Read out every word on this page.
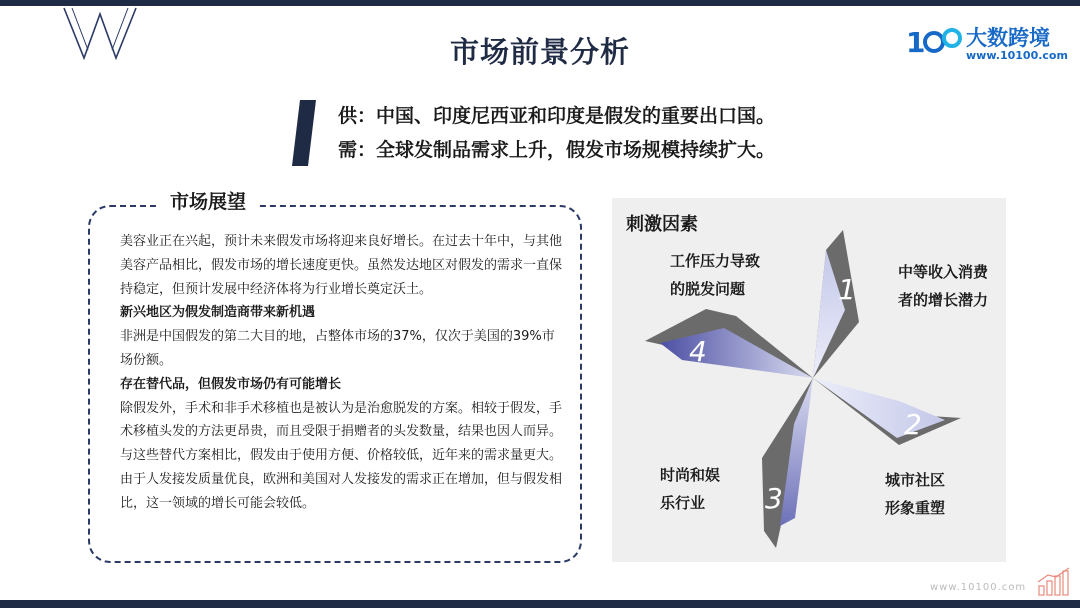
市场前景分析	1 大数跨境
www.10100.com
供：中国、印度尼西亚和印度是假发的重要出口国。
需：全球发制品需求上升，假发市场规模持续扩大。
市场展望

美容业正在兴起，预计未来假发市场将迎来良好增长。在过去十年中，与其他美容产品相比，假发市场的增长速度更快。虽然发达地区对假发的需求一直保持稳定，但预计发展中经济体将为行业增长奠定沃土。

新兴地区为假发制造商带来新机遇

非洲是中国假发的第二大目的地，占整体市场的37%，仅次于美国的39%市场份额。

存在替代品，但假发市场仍有可能增长

除假发外，手术和非手术移植也是被认为是治愈脱发的方案。相较于假发，手术移植头发的方法更昂贵，而且受限于捐赠者的头发数量，结果也因人而异。与这些替代方案相比，假发由于使用方便、价格较低，近年来的需求量更大。

由于人发接发质量优良，欧洲和美国对人发接发的需求正在增加，但与假发相比，这一领域的增长可能会较低。

刺激因素
1
2
3
4
中等收入消费
者的增长潜力
工作压力导致
的脱发问题
城市社区
形象重塑
时尚和娱
乐行业
www.10100.com
